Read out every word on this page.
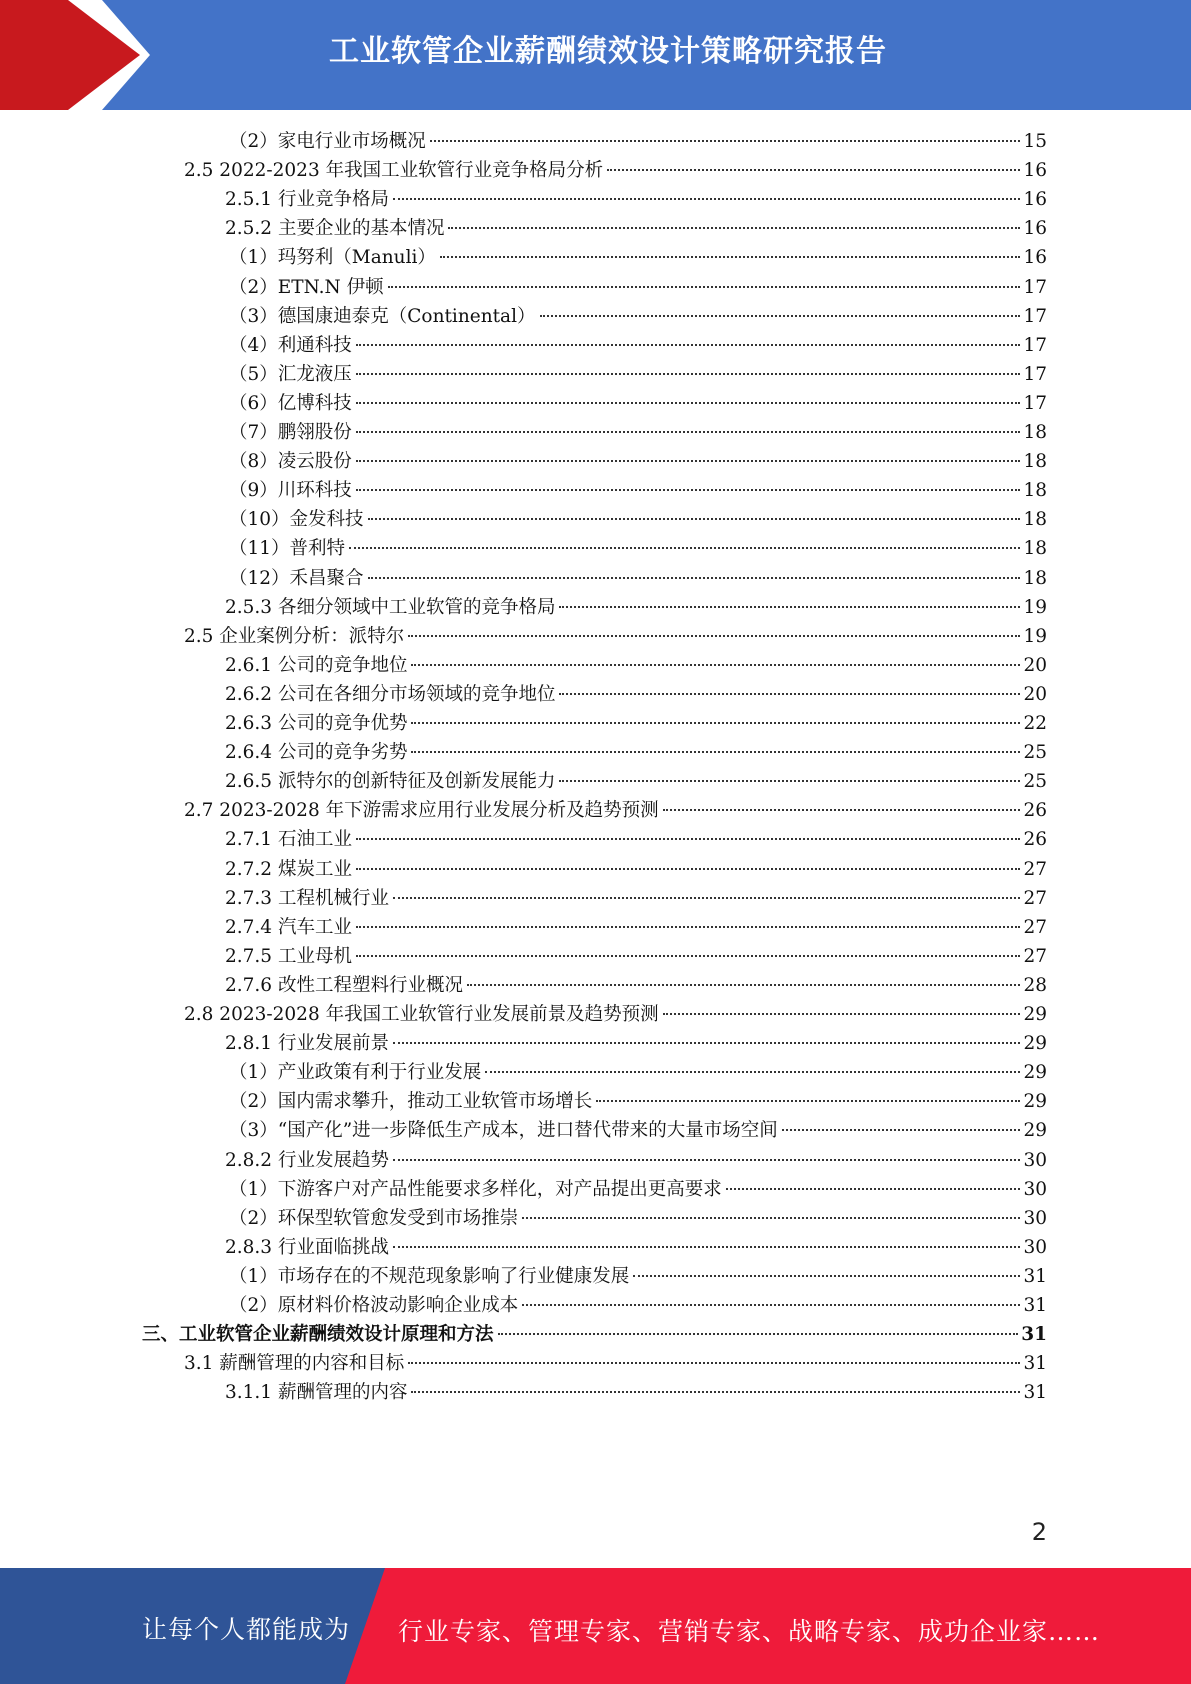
工业软管企业薪酬绩效设计策略研究报告
（2）家电行业市场概况	15
2.5 2022-2023 年我国工业软管行业竞争格局分析	16
2.5.1 行业竞争格局	16
2.5.2 主要企业的基本情况	16
（1）玛努利（Manuli）	16
（2）ETN.N 伊顿	17
（3）德国康迪泰克（Continental）	17
（4）利通科技	17
（5）汇龙液压	17
（6）亿博科技	17
（7）鹏翎股份	18
（8）凌云股份	18
（9）川环科技	18
（10）金发科技	18
（11）普利特	18
（12）禾昌聚合	18
2.5.3 各细分领域中工业软管的竞争格局	19
2.5 企业案例分析：派特尔	19
2.6.1 公司的竞争地位	20
2.6.2 公司在各细分市场领域的竞争地位	20
2.6.3 公司的竞争优势	22
2.6.4 公司的竞争劣势	25
2.6.5 派特尔的创新特征及创新发展能力	25
2.7 2023-2028 年下游需求应用行业发展分析及趋势预测	26
2.7.1 石油工业	26
2.7.2 煤炭工业	27
2.7.3 工程机械行业	27
2.7.4 汽车工业	27
2.7.5 工业母机	27
2.7.6 改性工程塑料行业概况	28
2.8 2023-2028 年我国工业软管行业发展前景及趋势预测	29
2.8.1 行业发展前景	29
（1）产业政策有利于行业发展	29
（2）国内需求攀升，推动工业软管市场增长	29
（3）“国产化”进一步降低生产成本，进口替代带来的大量市场空间	29
2.8.2 行业发展趋势	30
（1）下游客户对产品性能要求多样化，对产品提出更高要求	30
（2）环保型软管愈发受到市场推崇	30
2.8.3 行业面临挑战	30
（1）市场存在的不规范现象影响了行业健康发展	31
（2）原材料价格波动影响企业成本	31
三、工业软管企业薪酬绩效设计原理和方法	31
3.1 薪酬管理的内容和目标	31
3.1.1 薪酬管理的内容	31
2
让每个人都能成为 行业专家、管理专家、营销专家、战略专家、成功企业家……
